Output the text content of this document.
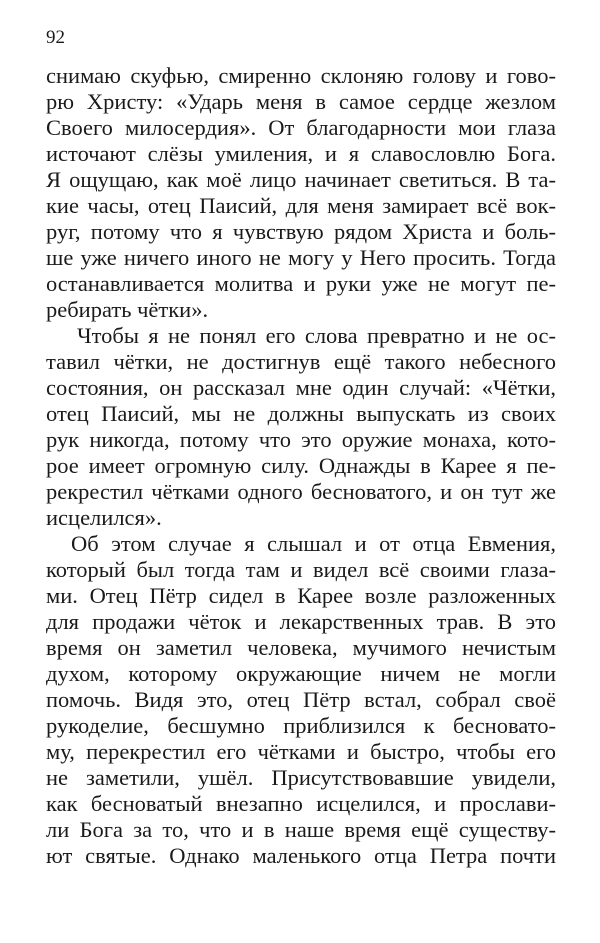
92
снимаю скуфью, смиренно склоняю голову и гово-
рю Христу: «Ударь меня в самое сердце жезлом
Своего милосердия». От благодарности мои глаза
источают слёзы умиления, и я славословлю Бога.
Я ощущаю, как моё лицо начинает светиться. В та-
кие часы, отец Паисий, для меня замирает всё вок-
руг, потому что я чувствую рядом Христа и боль-
ше уже ничего иного не могу у Него просить. Тогда
останавливается молитва и руки уже не могут пе-
ребирать чётки».
Чтобы я не понял его слова превратно и не ос-
тавил чётки, не достигнув ещё такого небесного
состояния, он рассказал мне один случай: «Чётки,
отец Паисий, мы не должны выпускать из своих
рук никогда, потому что это оружие монаха, кото-
рое имеет огромную силу. Однажды в Карее я пе-
рекрестил чётками одного бесноватого, и он тут же
исцелился».
Об этом случае я слышал и от отца Евмения,
который был тогда там и видел всё своими глаза-
ми. Отец Пётр сидел в Карее возле разложенных
для продажи чёток и лекарственных трав. В это
время он заметил человека, мучимого нечистым
духом, которому окружающие ничем не могли
помочь. Видя это, отец Пётр встал, собрал своё
рукоделие, бесшумно приблизился к бесновато-
му, перекрестил его чётками и быстро, чтобы его
не заметили, ушёл. Присутствовавшие увидели,
как бесноватый внезапно исцелился, и прослави-
ли Бога за то, что и в наше время ещё существу-
ют святые. Однако маленького отца Петра почти
